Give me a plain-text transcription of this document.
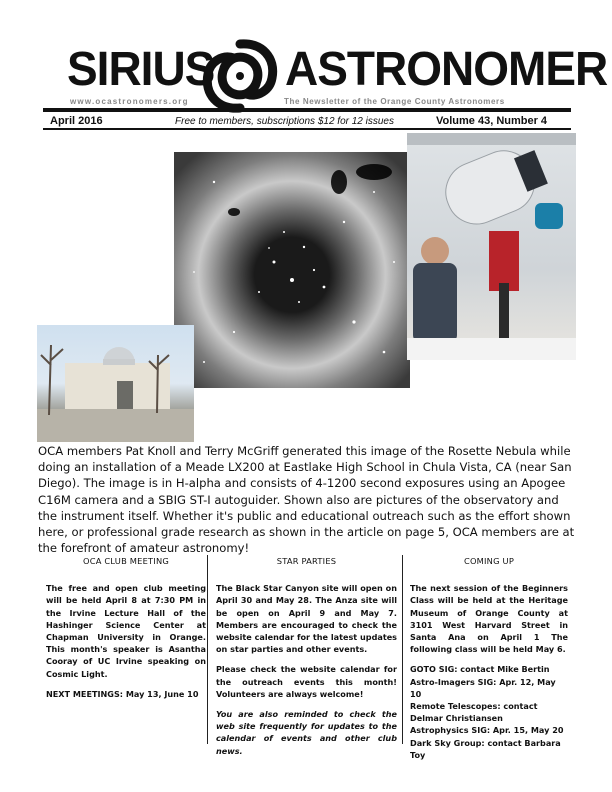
SIRIUS ASTRONOMER
www.ocastronomers.org	The Newsletter of the Orange County Astronomers
April 2016	Free to members, subscriptions $12 for 12 issues	Volume 43, Number 4
OCA members Pat Knoll and Terry McGriff generated this image of the Rosette Nebula while doing an installation of a Meade LX200 at Eastlake High School in Chula Vista, CA (near San Diego). The image is in H-alpha and consists of 4-1200 second exposures using an Apogee C16M camera and a SBIG ST-I autoguider. Shown also are pictures of the observatory and the instrument itself. Whether it's public and educational outreach such as the effort shown here, or professional grade research as shown in the article on page 5, OCA members are at the forefront of amateur astronomy!
OCA CLUB MEETING

The free and open club meeting will be held April 8 at 7:30 PM in the Irvine Lecture Hall of the Hashinger Science Center at Chapman University in Orange. This month's speaker is Asantha Cooray of UC Irvine speaking on Cosmic Light.

NEXT MEETINGS: May 13, June 10

STAR PARTIES

The Black Star Canyon site will open on April 30 and May 28. The Anza site will be open on April 9 and May 7. Members are encouraged to check the website calendar for the latest updates on star parties and other events.

Please check the website calendar for the outreach events this month! Volunteers are always welcome!

You are also reminded to check the web site frequently for updates to the calendar of events and other club news.

COMING UP

The next session of the Beginners Class will be held at the Heritage Museum of Orange County at 3101 West Harvard Street in Santa Ana on April 1 The following class will be held May 6.

GOTO SIG: contact Mike Bertin
Astro-Imagers SIG: Apr. 12, May 10
Remote Telescopes: contact Delmar Christiansen
Astrophysics SIG: Apr. 15, May 20
Dark Sky Group: contact Barbara Toy
